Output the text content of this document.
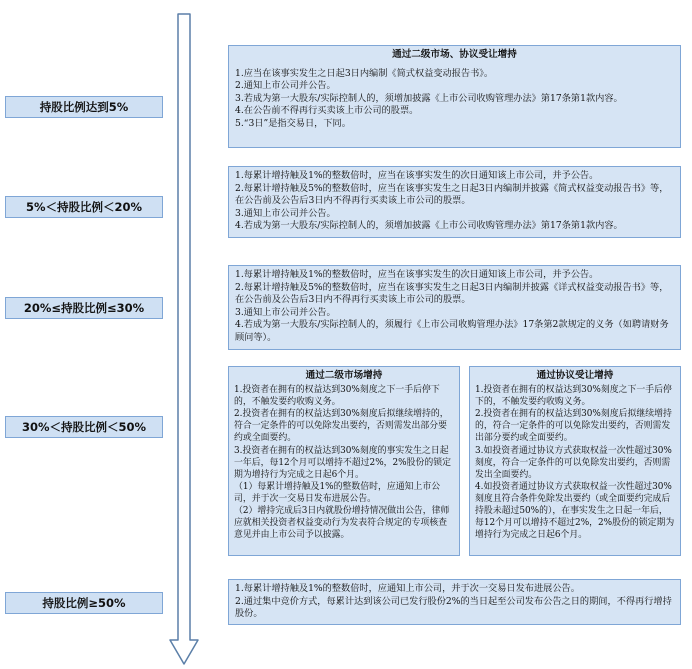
持股比例达到5%
5%＜持股比例＜20%
20%≤持股比例≤30%
30%＜持股比例＜50%
持股比例≥50%
通过二级市场、协议受让增持
1.应当在该事实发生之日起3日内编制《简式权益变动报告书》。
2.通知上市公司并公告。
3.若成为第一大股东/实际控制人的，须增加披露《上市公司收购管理办法》第17条第1款内容。
4.在公告前不得再行买卖该上市公司的股票。
5.“3日”是指交易日，下同。
1.每累计增持触及1%的整数倍时，应当在该事实发生的次日通知该上市公司，并予公告。
2.每累计增持触及5%的整数倍时，应当在该事实发生之日起3日内编制并披露《简式权益变动报告书》等，在公告前及公告后3日内不得再行买卖该上市公司的股票。
3.通知上市公司并公告。
4.若成为第一大股东/实际控制人的，须增加披露《上市公司收购管理办法》第17条第1款内容。
1.每累计增持触及1%的整数倍时，应当在该事实发生的次日通知该上市公司，并予公告。
2.每累计增持触及5%的整数倍时，应当在该事实发生之日起3日内编制并披露《详式权益变动报告书》等，在公告前及公告后3日内不得再行买卖该上市公司的股票。
3.通知上市公司并公告。
4.若成为第一大股东/实际控制人的，须履行《上市公司收购管理办法》17条第2款规定的义务（如聘请财务顾问等）。
通过二级市场增持
1.投资者在拥有的权益达到30%刻度之下一手后停下的，不触发要约收购义务。
2.投资者在拥有的权益达到30%刻度后拟继续增持的，符合一定条件的可以免除发出要约，否则需发出部分要约或全面要约。
3.投资者在拥有的权益达到30%刻度的事实发生之日起一年后，每12个月可以增持不超过2%，2%股份的锁定期为增持行为完成之日起6个月。
（1）每累计增持触及1%的整数倍时，应通知上市公司，并于次一交易日发布进展公告。
（2）增持完成后3日内就股份增持情况做出公告，律师应就相关投资者权益变动行为发表符合规定的专项核查意见并由上市公司予以披露。
通过协议受让增持
1.投资者在拥有的权益达到30%刻度之下一手后停下的，不触发要约收购义务。
2.投资者在拥有的权益达到30%刻度后拟继续增持的，符合一定条件的可以免除发出要约，否则需发出部分要约或全面要约。
3.如投资者通过协议方式获取权益一次性超过30%刻度，符合一定条件的可以免除发出要约，否则需发出全面要约。
4.如投资者通过协议方式获取权益一次性超过30%刻度且符合条件免除发出要约（或全面要约完成后持股未超过50%的），在事实发生之日起一年后，每12个月可以增持不超过2%，2%股份的锁定期为增持行为完成之日起6个月。
1.每累计增持触及1%的整数倍时，应通知上市公司，并于次一交易日发布进展公告。
2.通过集中竞价方式，每累计达到该公司已发行股份2%的当日起至公司发布公告之日的期间，不得再行增持股份。
